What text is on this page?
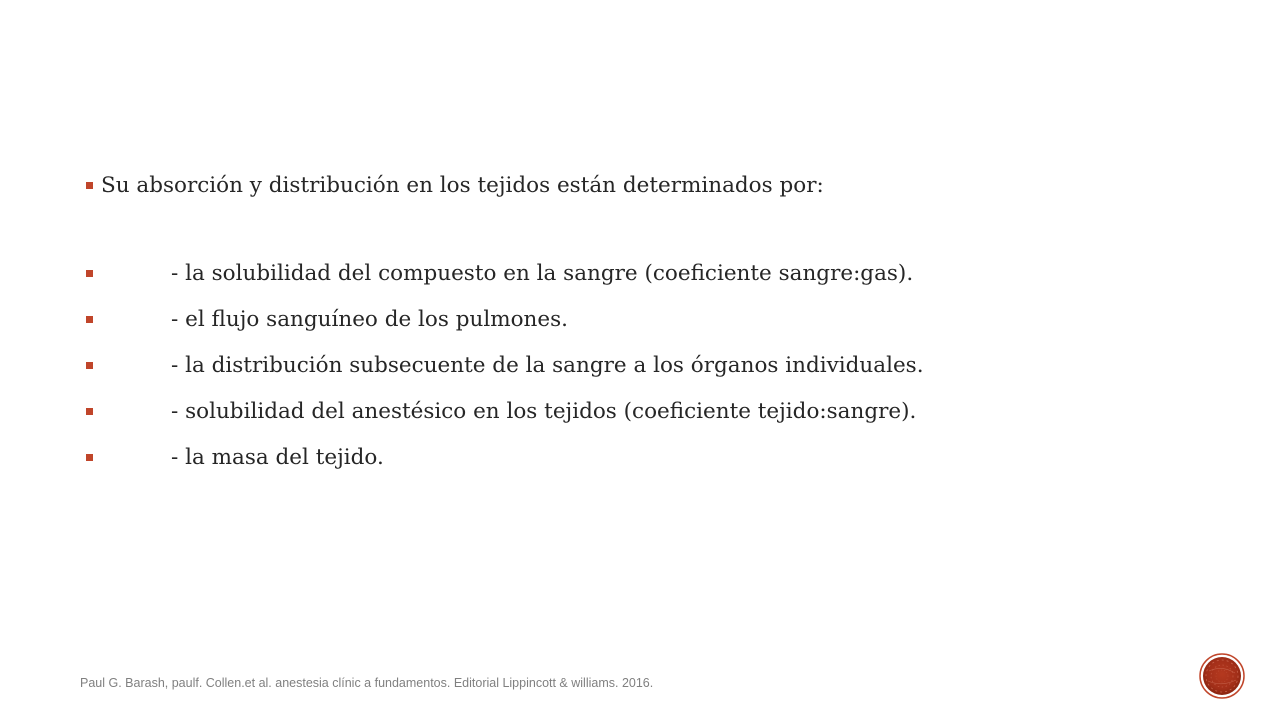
Su absorción y distribución en los tejidos están determinados por:
- la solubilidad del compuesto en la sangre (coeficiente sangre:gas).
- el flujo sanguíneo de los pulmones.
- la distribución subsecuente de la sangre a los órganos individuales.
- solubilidad del anestésico en los tejidos (coeficiente tejido:sangre).
- la masa del tejido.
Paul G. Barash, paulf. Collen.et al. anestesia clínic a fundamentos. Editorial Lippincott & williams. 2016.
